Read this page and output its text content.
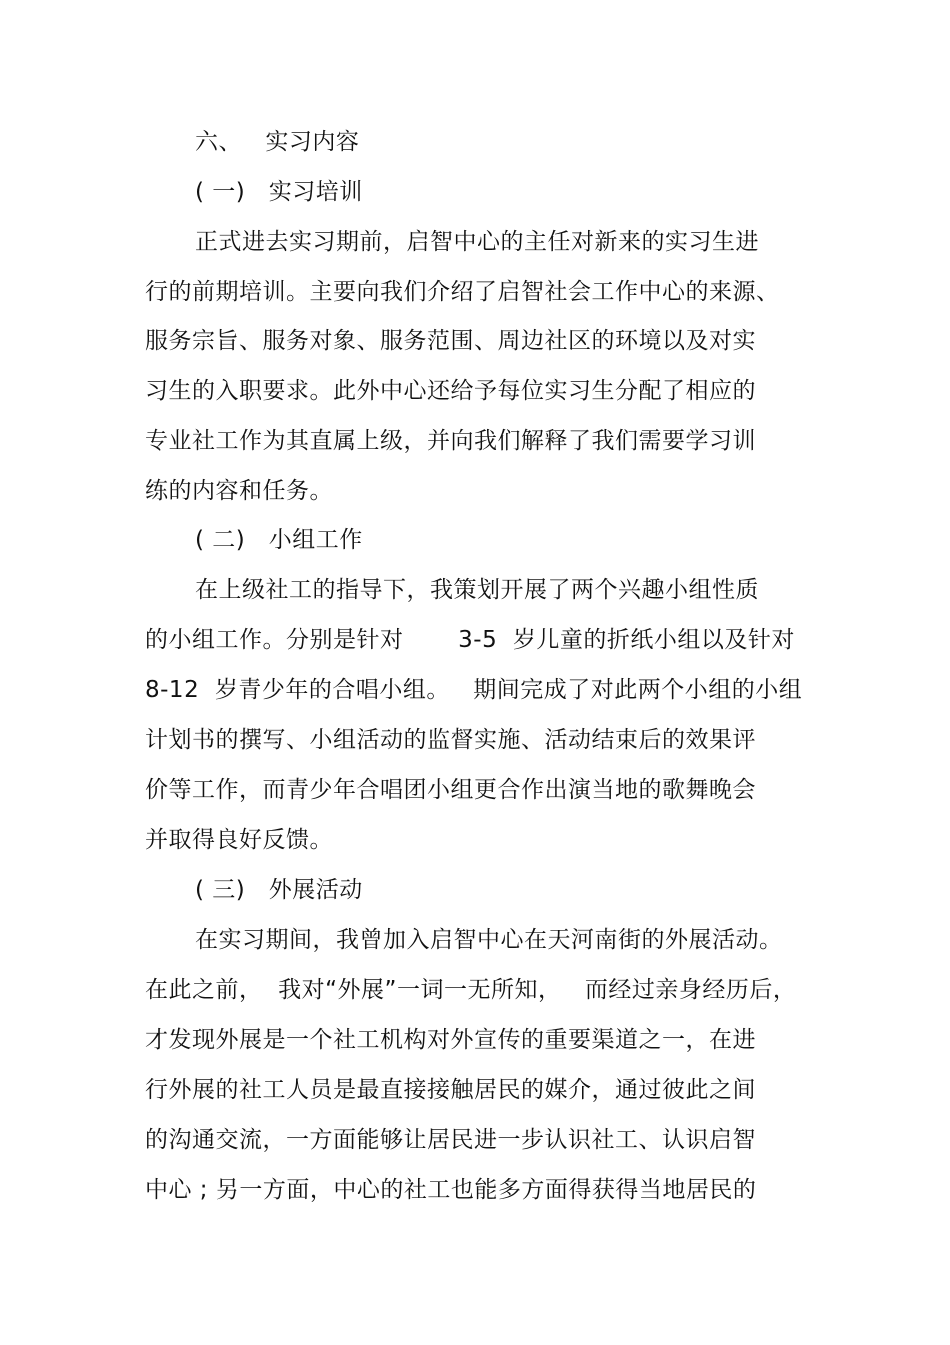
六、   实习内容
( 一)   实习培训
正式进去实习期前，启智中心的主任对新来的实习生进
行的前期培训。主要向我们介绍了启智社会工作中心的来源、
服务宗旨、服务对象、服务范围、周边社区的环境以及对实
习生的入职要求。此外中心还给予每位实习生分配了相应的
专业社工作为其直属上级，并向我们解释了我们需要学习训
练的内容和任务。
( 二)   小组工作
在上级社工的指导下，我策划开展了两个兴趣小组性质
的小组工作。分别是针对       3-5  岁儿童的折纸小组以及针对
8-12  岁青少年的合唱小组。   期间完成了对此两个小组的小组
计划书的撰写、小组活动的监督实施、活动结束后的效果评
价等工作，而青少年合唱团小组更合作出演当地的歌舞晚会
并取得良好反馈。
( 三)   外展活动
在实习期间，我曾加入启智中心在天河南街的外展活动。
在此之前，  我对“外展”一词一无所知，   而经过亲身经历后，
才发现外展是一个社工机构对外宣传的重要渠道之一，在进
行外展的社工人员是最直接接触居民的媒介，通过彼此之间
的沟通交流，一方面能够让居民进一步认识社工、认识启智
中心 ; 另一方面，中心的社工也能多方面得获得当地居民的
